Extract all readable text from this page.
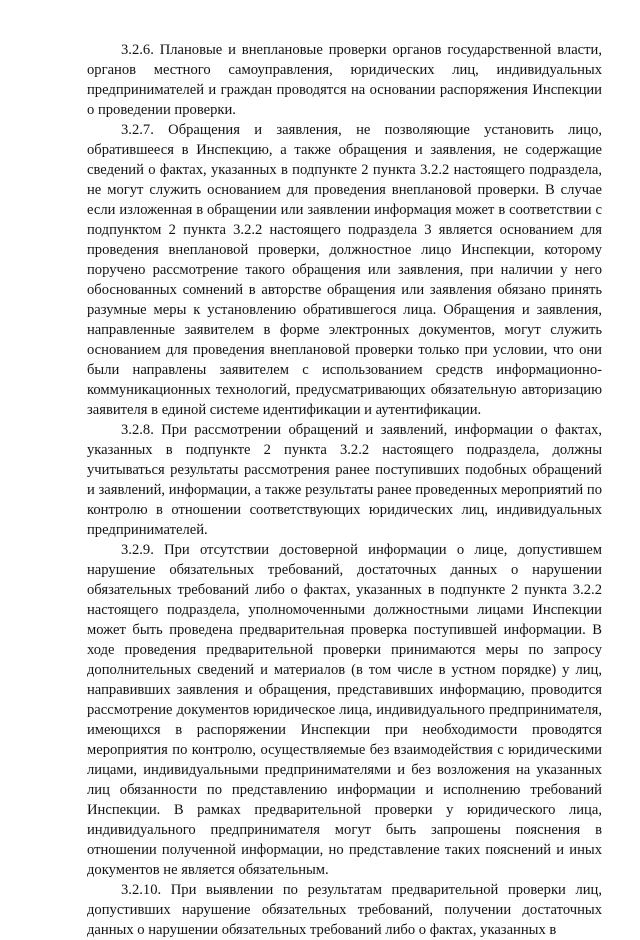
3.2.6. Плановые и внеплановые проверки органов государственной власти, органов местного самоуправления, юридических лиц, индивидуальных предпринимателей и граждан проводятся на основании распоряжения Инспекции о проведении проверки.

3.2.7. Обращения и заявления, не позволяющие установить лицо, обратившееся в Инспекцию, а также обращения и заявления, не содержащие сведений о фактах, указанных в подпункте 2 пункта 3.2.2 настоящего подраздела, не могут служить основанием для проведения внеплановой проверки. В случае если изложенная в обращении или заявлении информация может в соответствии с подпунктом 2 пункта 3.2.2 настоящего подраздела 3 является основанием для проведения внеплановой проверки, должностное лицо Инспекции, которому поручено рассмотрение такого обращения или заявления, при наличии у него обоснованных сомнений в авторстве обращения или заявления обязано принять разумные меры к установлению обратившегося лица. Обращения и заявления, направленные заявителем в форме электронных документов, могут служить основанием для проведения внеплановой проверки только при условии, что они были направлены заявителем с использованием средств информационно-коммуникационных технологий, предусматривающих обязательную авторизацию заявителя в единой системе идентификации и аутентификации.

3.2.8. При рассмотрении обращений и заявлений, информации о фактах, указанных в подпункте 2 пункта 3.2.2 настоящего подраздела, должны учитываться результаты рассмотрения ранее поступивших подобных обращений и заявлений, информации, а также результаты ранее проведенных мероприятий по контролю в отношении соответствующих юридических лиц, индивидуальных предпринимателей.

3.2.9. При отсутствии достоверной информации о лице, допустившем нарушение обязательных требований, достаточных данных о нарушении обязательных требований либо о фактах, указанных в подпункте 2 пункта 3.2.2 настоящего подраздела, уполномоченными должностными лицами Инспекции может быть проведена предварительная проверка поступившей информации. В ходе проведения предварительной проверки принимаются меры по запросу дополнительных сведений и материалов (в том числе в устном порядке) у лиц, направивших заявления и обращения, представивших информацию, проводится рассмотрение документов юридическое лица, индивидуального предпринимателя, имеющихся в распоряжении Инспекции при необходимости проводятся мероприятия по контролю, осуществляемые без взаимодействия с юридическими лицами, индивидуальными предпринимателями и без возложения на указанных лиц обязанности по представлению информации и исполнению требований Инспекции. В рамках предварительной проверки у юридического лица, индивидуального предпринимателя могут быть запрошены пояснения в отношении полученной информации, но представление таких пояснений и иных документов не является обязательным.

3.2.10. При выявлении по результатам предварительной проверки лиц, допустивших нарушение обязательных требований, получении достаточных данных о нарушении обязательных требований либо о фактах, указанных в
